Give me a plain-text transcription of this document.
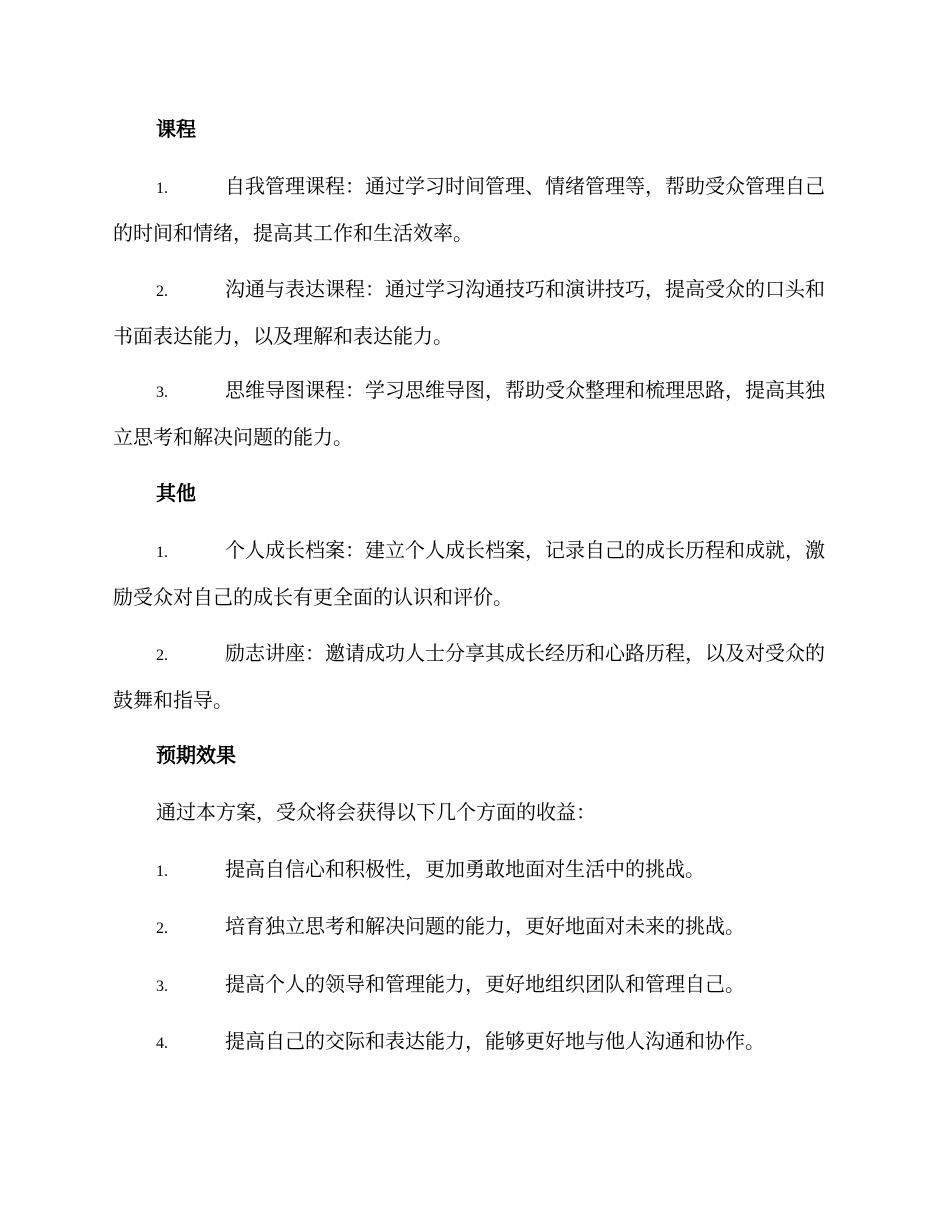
课程

1.	自我管理课程：通过学习时间管理、情绪管理等，帮助受众管理自己的时间和情绪，提高其工作和生活效率。

2.	沟通与表达课程：通过学习沟通技巧和演讲技巧，提高受众的口头和书面表达能力，以及理解和表达能力。

3.	思维导图课程：学习思维导图，帮助受众整理和梳理思路，提高其独立思考和解决问题的能力。

其他

1.	个人成长档案：建立个人成长档案，记录自己的成长历程和成就，激励受众对自己的成长有更全面的认识和评价。

2.	励志讲座：邀请成功人士分享其成长经历和心路历程，以及对受众的鼓舞和指导。

预期效果
通过本方案，受众将会获得以下几个方面的收益：

1.	提高自信心和积极性，更加勇敢地面对生活中的挑战。

2.	培育独立思考和解决问题的能力，更好地面对未来的挑战。

3.	提高个人的领导和管理能力，更好地组织团队和管理自己。

4.	提高自己的交际和表达能力，能够更好地与他人沟通和协作。
